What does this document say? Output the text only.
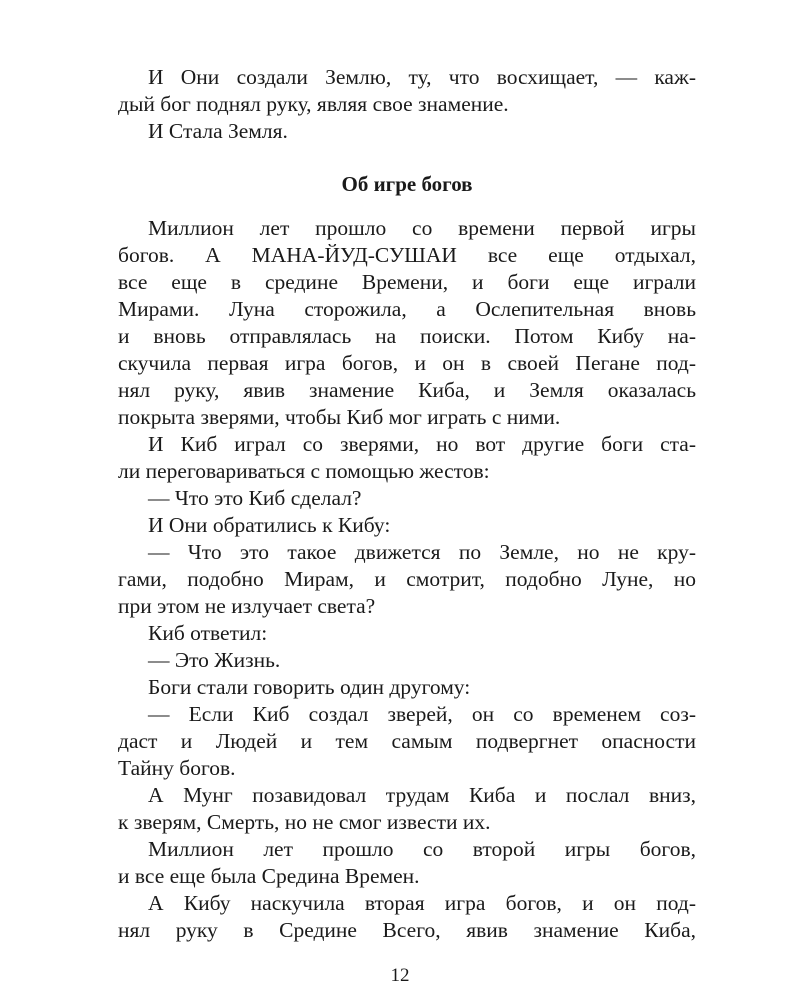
И Они создали Землю, ту, что восхищает, — каж-
дый бог поднял руку, являя свое знамение.
И Стала Земля.
Об игре богов
Миллион лет прошло со времени первой игры
богов. А МАНА-ЙУД-СУШАИ все еще отдыхал,
все еще в средине Времени, и боги еще играли
Мирами. Луна сторожила, а Ослепительная вновь
и вновь отправлялась на поиски. Потом Кибу на-
скучила первая игра богов, и он в своей Пегане под-
нял руку, явив знамение Киба, и Земля оказалась
покрыта зверями, чтобы Киб мог играть с ними.
И Киб играл со зверями, но вот другие боги ста-
ли переговариваться с помощью жестов:
— Что это Киб сделал?
И Они обратились к Кибу:
— Что это такое движется по Земле, но не кру-
гами, подобно Мирам, и смотрит, подобно Луне, но
при этом не излучает света?
Киб ответил:
— Это Жизнь.
Боги стали говорить один другому:
— Если Киб создал зверей, он со временем соз-
даст и Людей и тем самым подвергнет опасности
Тайну богов.
А Мунг позавидовал трудам Киба и послал вниз,
к зверям, Смерть, но не смог извести их.
Миллион лет прошло со второй игры богов,
и все еще была Средина Времен.
А Кибу наскучила вторая игра богов, и он под-
нял руку в Средине Всего, явив знамение Киба,
12
